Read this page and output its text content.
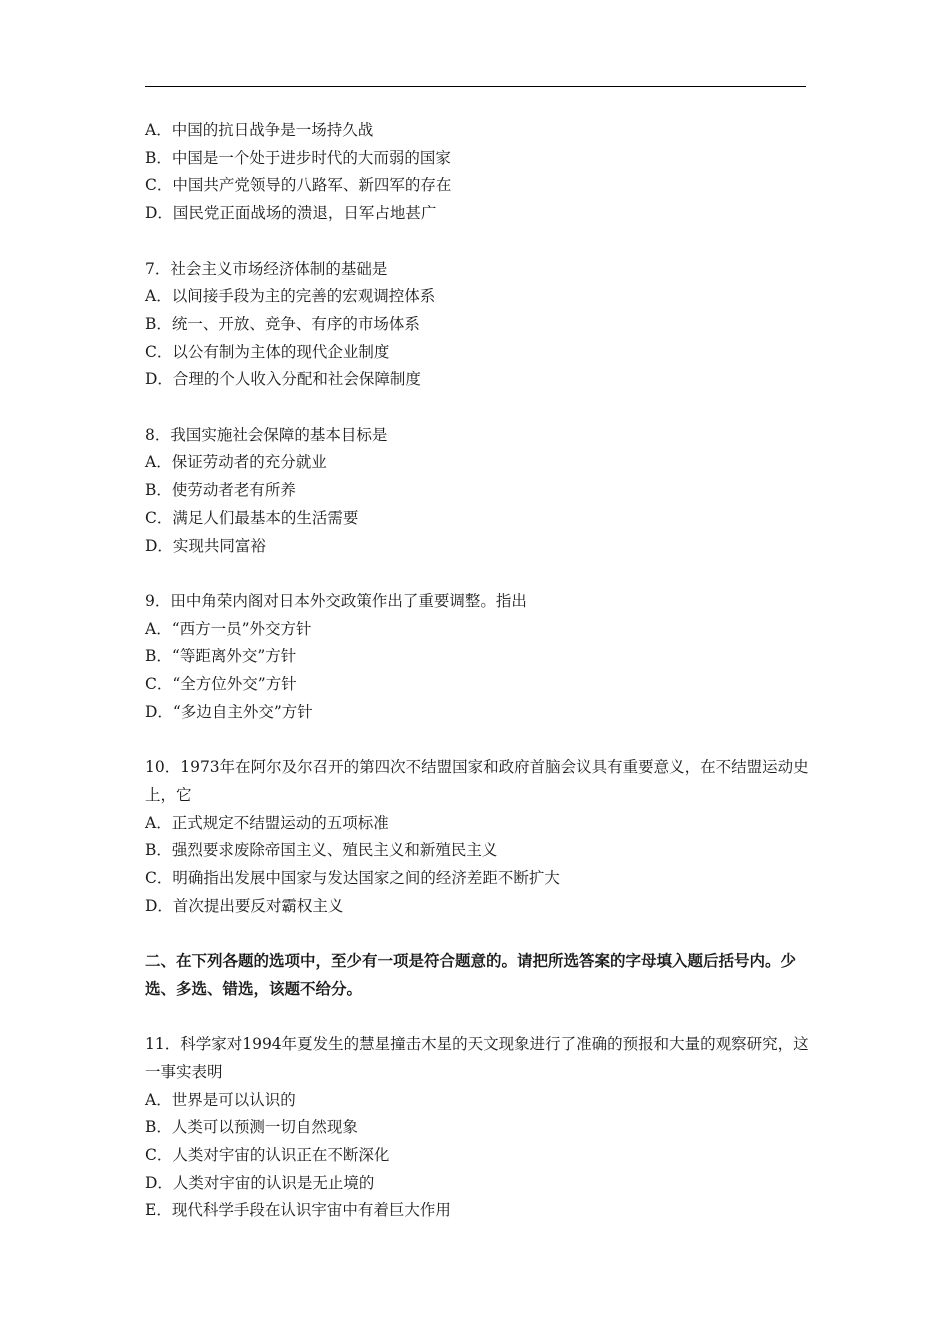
A．中国的抗日战争是一场持久战
B．中国是一个处于进步时代的大而弱的国家
C．中国共产党领导的八路军、新四军的存在
D．国民党正面战场的溃退，日军占地甚广
7．社会主义市场经济体制的基础是
A．以间接手段为主的完善的宏观调控体系
B．统一、开放、竞争、有序的市场体系
C．以公有制为主体的现代企业制度
D．合理的个人收入分配和社会保障制度
8．我国实施社会保障的基本目标是
A．保证劳动者的充分就业
B．使劳动者老有所养
C．满足人们最基本的生活需要
D．实现共同富裕
9．田中角荣内阁对日本外交政策作出了重要调整。指出
A．“西方一员”外交方针
B．“等距离外交”方针
C．“全方位外交”方针
D．“多边自主外交”方针
10．1973年在阿尔及尔召开的第四次不结盟国家和政府首脑会议具有重要意义，在不结盟运动史上，它
A．正式规定不结盟运动的五项标准
B．强烈要求废除帝国主义、殖民主义和新殖民主义
C．明确指出发展中国家与发达国家之间的经济差距不断扩大
D．首次提出要反对霸权主义
二、在下列各题的选项中，至少有一项是符合题意的。请把所选答案的字母填入题后括号内。少选、多选、错选，该题不给分。
11．科学家对1994年夏发生的慧星撞击木星的天文现象进行了准确的预报和大量的观察研究，这一事实表明
A．世界是可以认识的
B．人类可以预测一切自然现象
C．人类对宇宙的认识正在不断深化
D．人类对宇宙的认识是无止境的
E．现代科学手段在认识宇宙中有着巨大作用
